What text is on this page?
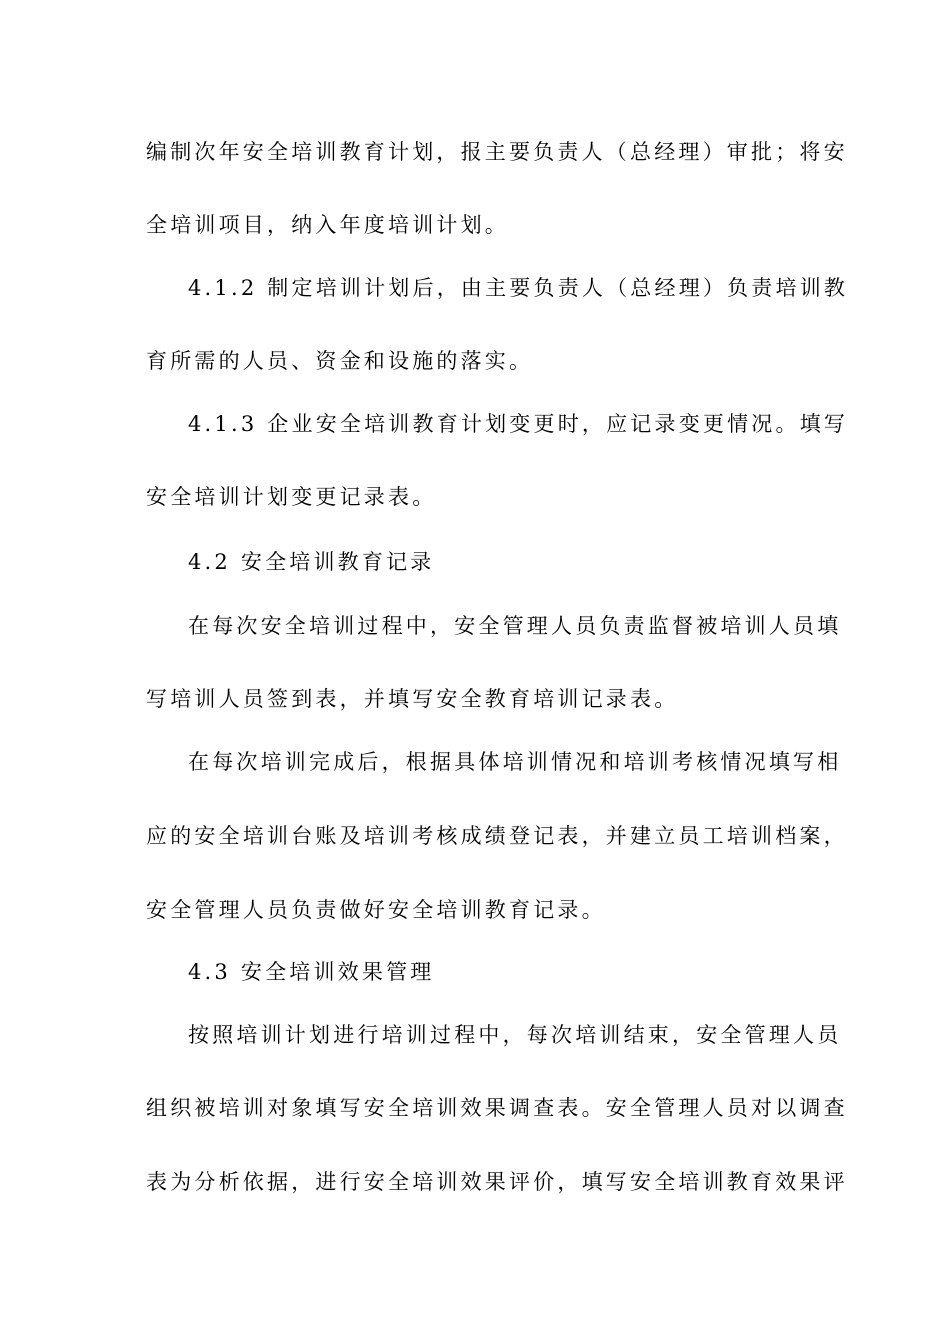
编制次年安全培训教育计划，报主要负责人（总经理）审批；将安
全培训项目，纳入年度培训计划。
4.1.2 制定培训计划后，由主要负责人（总经理）负责培训教
育所需的人员、资金和设施的落实。
4.1.3 企业安全培训教育计划变更时，应记录变更情况。填写
安全培训计划变更记录表。
4.2 安全培训教育记录
在每次安全培训过程中，安全管理人员负责监督被培训人员填
写培训人员签到表，并填写安全教育培训记录表。
在每次培训完成后，根据具体培训情况和培训考核情况填写相
应的安全培训台账及培训考核成绩登记表，并建立员工培训档案，
安全管理人员负责做好安全培训教育记录。
4.3 安全培训效果管理
按照培训计划进行培训过程中，每次培训结束，安全管理人员
组织被培训对象填写安全培训效果调查表。安全管理人员对以调查
表为分析依据，进行安全培训效果评价，填写安全培训教育效果评
